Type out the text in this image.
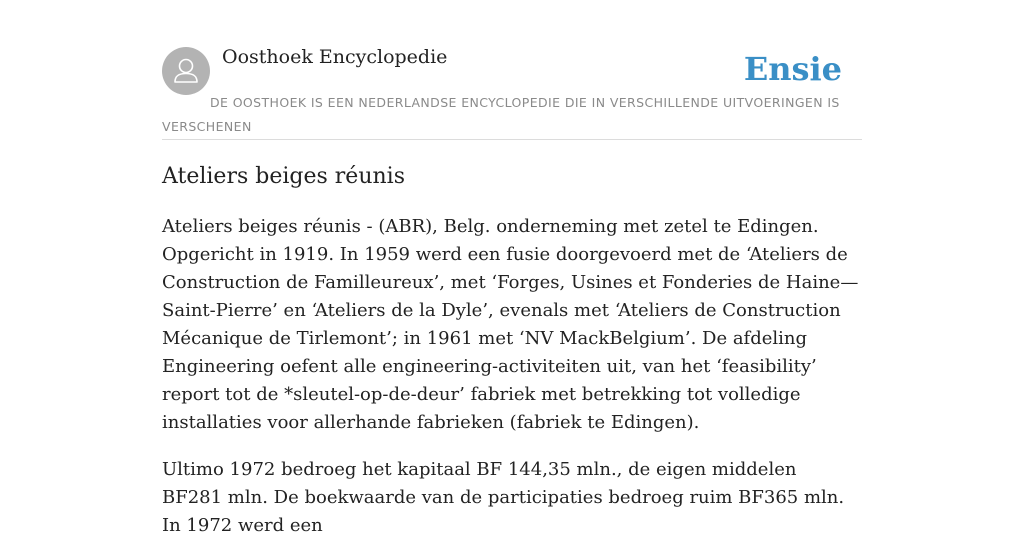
Oosthoek Encyclopedie	Ensie
DE OOSTHOEK IS EEN NEDERLANDSE ENCYCLOPEDIE DIE IN VERSCHILLENDE UITVOERINGEN IS VERSCHENEN
Ateliers beiges réunis

Ateliers beiges réunis - (ABR), Belg. onderneming met zetel te Edingen. Opgericht in 1919. In 1959 werd een fusie doorgevoerd met de ‘Ateliers de Construction de Familleureux’, met ‘Forges, Usines et Fonderies de Haine—Saint-Pierre’ en ‘Ateliers de la Dyle’, evenals met ‘Ateliers de Construction Mécanique de Tirlemont’; in 1961 met ‘NV MackBelgium’. De afdeling Engineering oefent alle engineering-activiteiten uit, van het ‘feasibility’ report tot de *sleutel-op-de-deur’ fabriek met betrekking tot volledige installaties voor allerhande fabrieken (fabriek te Edingen).

Ultimo 1972 bedroeg het kapitaal BF 144,35 mln., de eigen middelen BF281 mln. De boekwaarde van de participaties bedroeg ruim BF365 mln. In 1972 werd een
